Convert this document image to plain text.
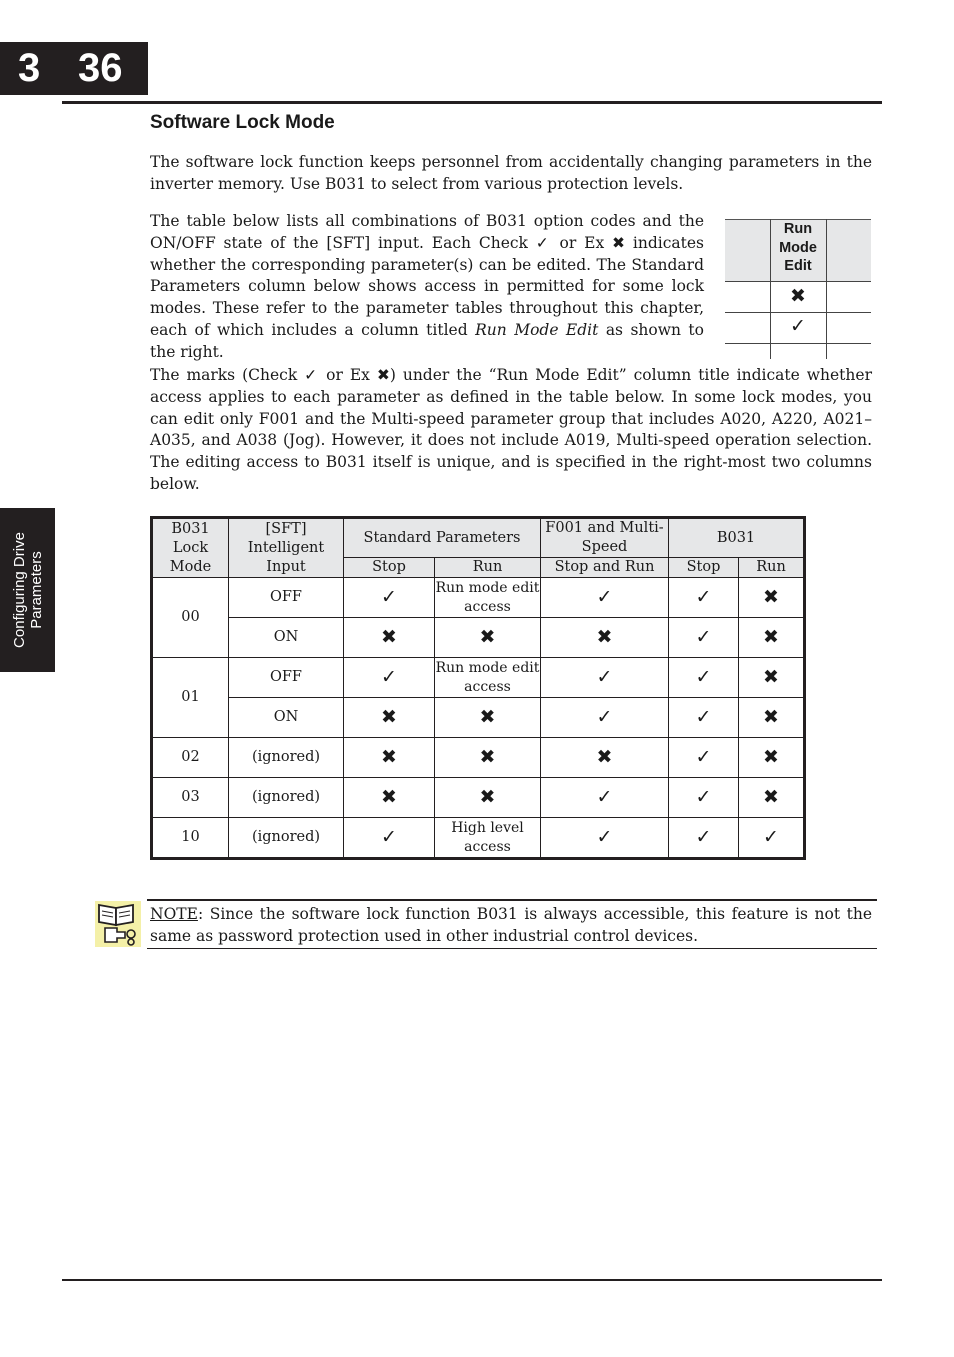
3 36
Configuring Drive Parameters
Software Lock Mode
The software lock function keeps personnel from accidentally changing parameters in the inverter memory. Use B031 to select from various protection levels.
The table below lists all combinations of B031 option codes and the ON/OFF state of the [SFT] input. Each Check ✓ or Ex ✖ indicates whether the corresponding parameter(s) can be edited. The Standard Parameters column below shows access in permitted for some lock modes. These refer to the parameter tables throughout this chapter, each of which includes a column titled Run Mode Edit as shown to the right.
Run Mode Edit
✖
✓
The marks (Check ✓ or Ex ✖) under the “Run Mode Edit” column title indicate whether access applies to each parameter as defined in the table below. In some lock modes, you can edit only F001 and the Multi-speed parameter group that includes A020, A220, A021–A035, and A038 (Jog). However, it does not include A019, Multi-speed operation selection. The editing access to B031 itself is unique, and is specified in the right-most two columns below.
B031 Lock Mode	[SFT] Intelligent Input	Standard Parameters		F001 and Multi-Speed	B031	
		Stop	Run	Stop and Run	Stop	Run
00	OFF	✓	Run mode edit access	✓	✓	✖
	ON	✖	✖	✖	✓	✖
01	OFF	✓	Run mode edit access	✓	✓	✖
	ON	✖	✖	✓	✓	✖
02	(ignored)	✖	✖	✖	✓	✖
03	(ignored)	✖	✖	✓	✓	✖
10	(ignored)	✓	High level access	✓	✓	✓
NOTE: Since the software lock function B031 is always accessible, this feature is not the same as password protection used in other industrial control devices.
